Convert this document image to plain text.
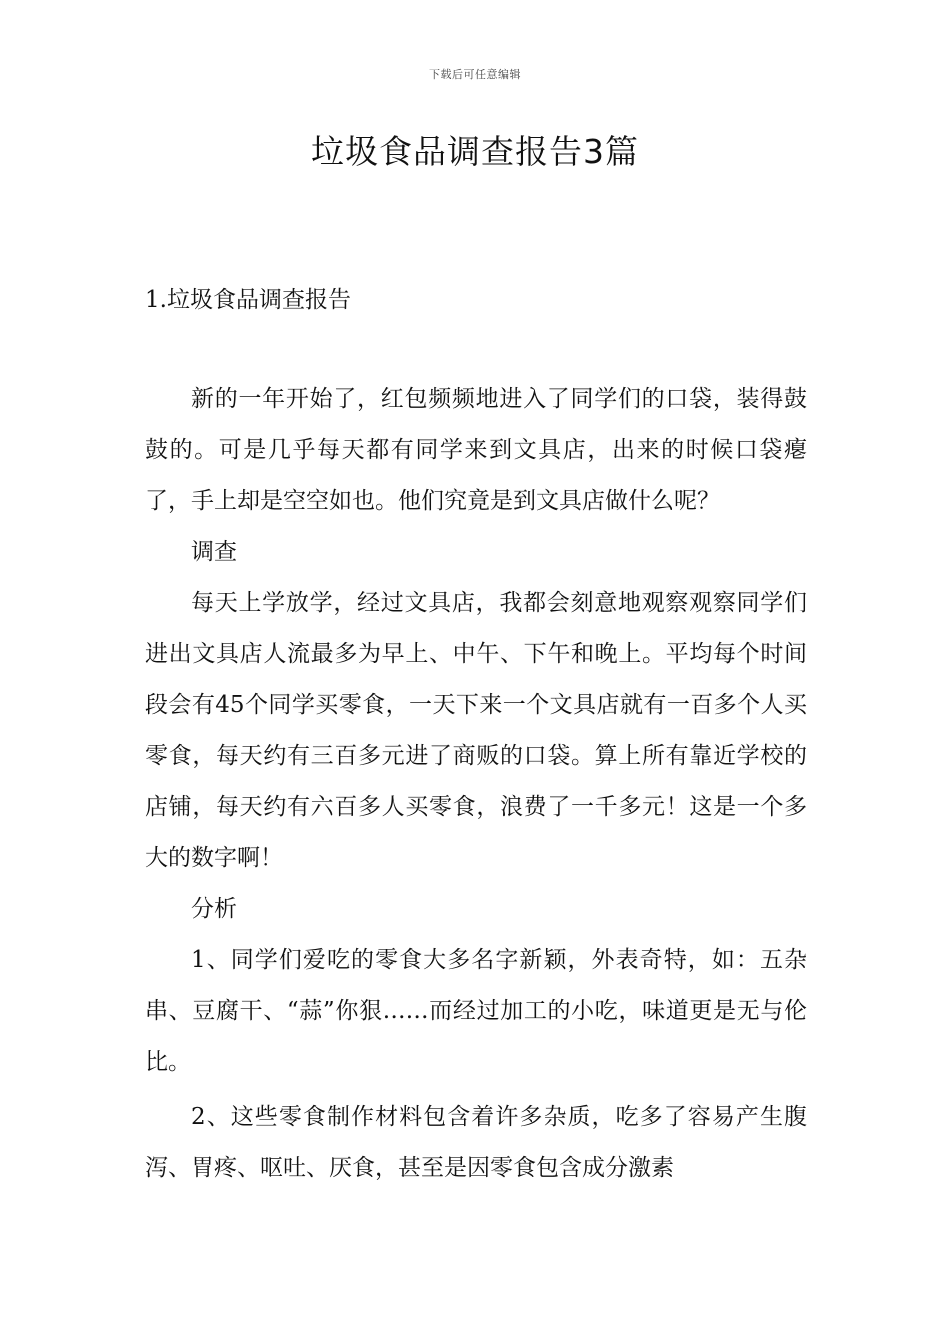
下载后可任意编辑
垃圾食品调查报告3篇
1.垃圾食品调查报告

新的一年开始了，红包频频地进入了同学们的口袋，装得鼓鼓的。可是几乎每天都有同学来到文具店，出来的时候口袋瘪了，手上却是空空如也。他们究竟是到文具店做什么呢？

调查

每天上学放学，经过文具店，我都会刻意地观察观察同学们进出文具店人流最多为早上、中午、下午和晚上。平均每个时间段会有45个同学买零食，一天下来一个文具店就有一百多个人买零食，每天约有三百多元进了商贩的口袋。算上所有靠近学校的店铺，每天约有六百多人买零食，浪费了一千多元！这是一个多大的数字啊！

分析

1、同学们爱吃的零食大多名字新颖，外表奇特，如：五杂串、豆腐干、“蒜”你狠……而经过加工的小吃，味道更是无与伦比。

2、这些零食制作材料包含着许多杂质，吃多了容易产生腹泻、胃疼、呕吐、厌食，甚至是因零食包含成分激素
